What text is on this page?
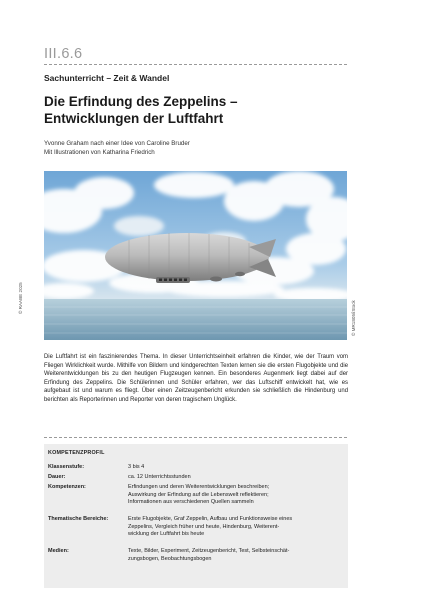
III.6.6
Sachunterricht – Zeit & Wandel
Die Erfindung des Zeppelins –
Entwicklungen der Luftfahrt
Yvonne Graham nach einer Idee von Caroline Bruder
Mit Illustrationen von Katharina Friedrich
© RAABE 2025
© MR1805/iStock

Die Luftfahrt ist ein faszinierendes Thema. In dieser Unterrichtseinheit erfahren die Kinder, wie der Traum vom Fliegen Wirklichkeit wurde. Mithilfe von Bildern und kindgerechten Texten lernen sie die ersten Flugobjekte und die Weiterentwicklungen bis zu den heutigen Flugzeugen kennen. Ein besonderes Augenmerk liegt dabei auf der Erfindung des Zeppelins. Die Schülerinnen und Schüler erfahren, wer das Luftschiff entwickelt hat, wie es aufgebaut ist und warum es fliegt. Über einen Zeitzeugenbericht erkunden sie schließlich die Hindenburg und berichten als Reporterinnen und Reporter von deren tragischem Unglück.

KOMPETENZPROFIL
Klassenstufe:	3 bis 4
Dauer:	ca. 12 Unterrichtsstunden
Kompetenzen:	Erfindungen und deren Weiterentwicklungen beschreiben;
Auswirkung der Erfindung auf die Lebenswelt reflektieren;
Informationen aus verschiedenen Quellen sammeln
Thematische Bereiche:	Erste Flugobjekte, Graf Zeppelin, Aufbau und Funktionsweise eines
Zeppelins, Vergleich früher und heute, Hindenburg, Weiterent-
wicklung der Luftfahrt bis heute
Medien:	Texte, Bilder, Experiment, Zeitzeugenbericht, Test, Selbsteinschät-
zungsbogen, Beobachtungsbogen
